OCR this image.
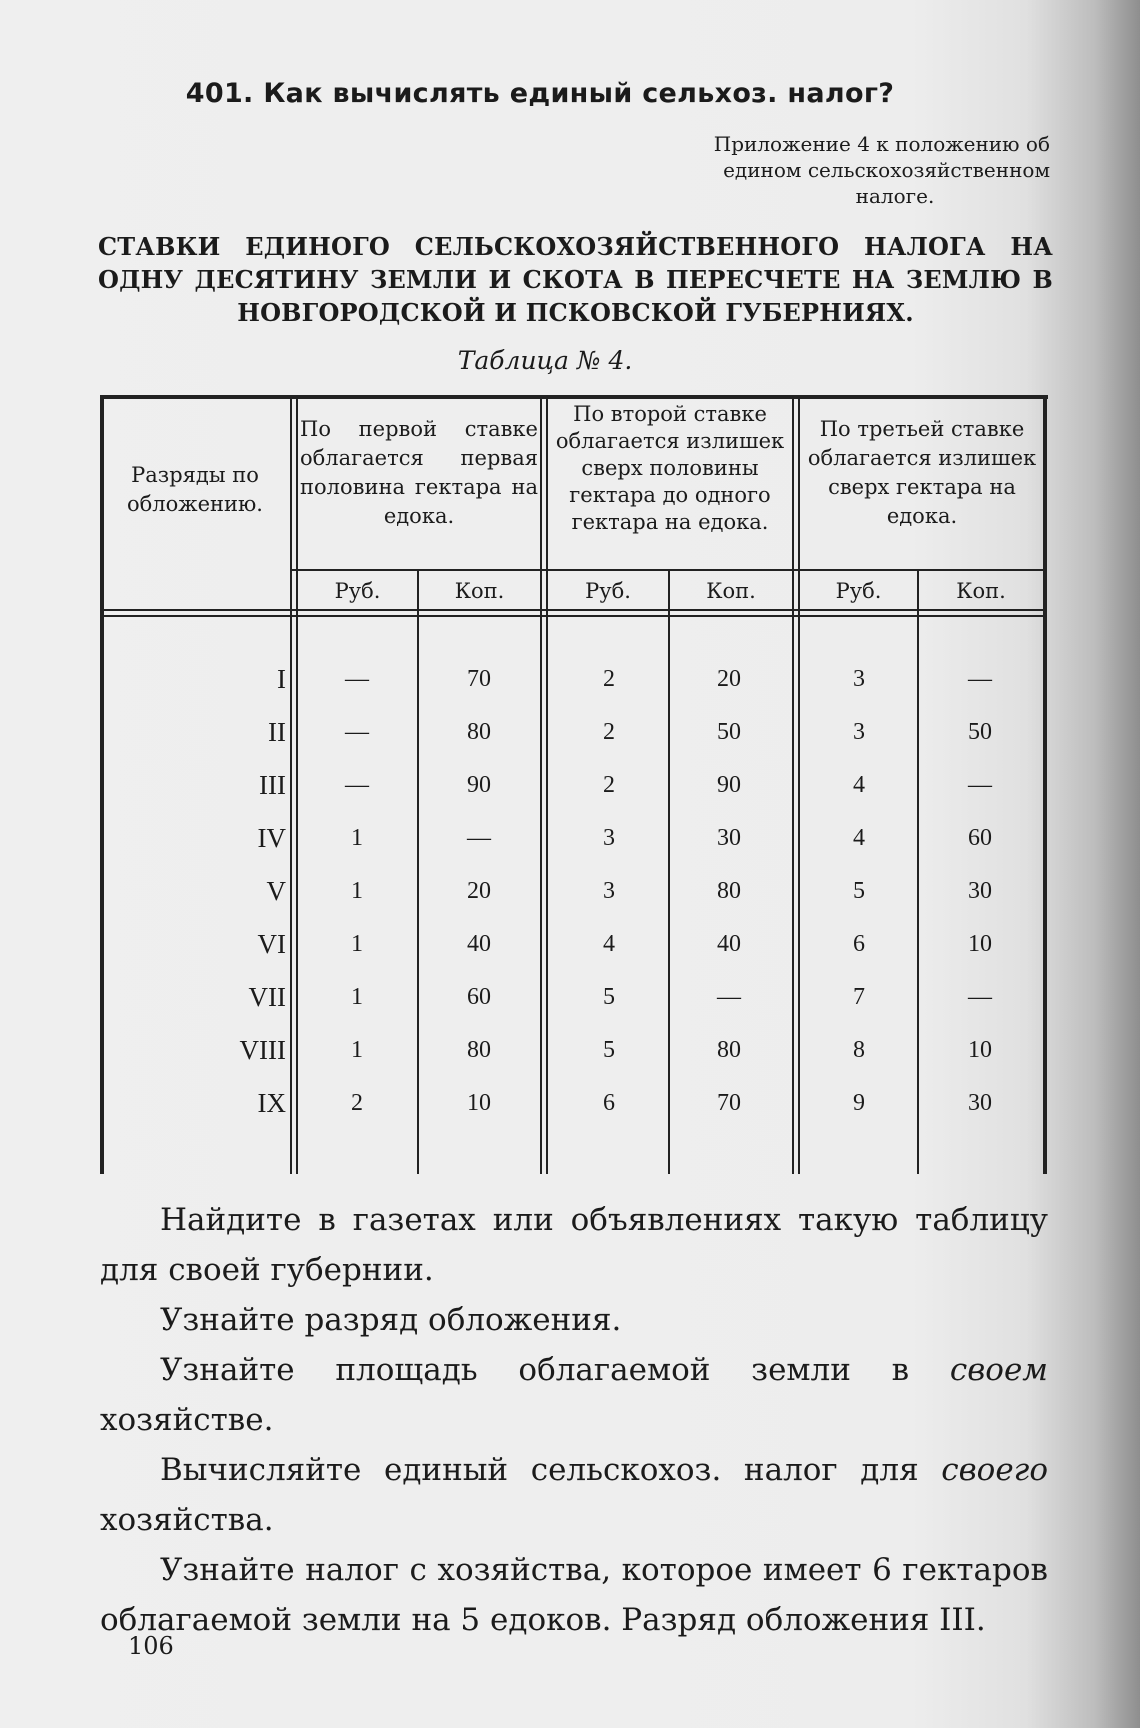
401. Как вычислять единый сельхоз. налог?
Приложение 4 к положению об
едином сельскохозяйственном
налоге.
СТАВКИ ЕДИНОГО СЕЛЬСКОХОЗЯЙСТВЕННОГО НАЛОГА НА ОДНУ ДЕСЯТИНУ ЗЕМЛИ И СКОТА В ПЕРЕСЧЕТЕ НА ЗЕМЛЮ В НОВГОРОДСКОЙ И ПСКОВСКОЙ ГУБЕРНИЯХ.
Таблица № 4.
Разряды по обложению.
По первой ставке облагается первая половина гектара на едока.
По второй ставке облагается излишек сверх половины гектара до одного гектара на едока.
По третьей ставке облагается излишек сверх гектара на едока.
Руб.	Коп.	Руб.	Коп.	Руб.	Коп.
I	—	70	2	20	3	—
II	—	80	2	50	3	50
III	—	90	2	90	4	—
IV	1	—	3	30	4	60
V	1	20	3	80	5	30
VI	1	40	4	40	6	10
VII	1	60	5	—	7	—
VIII	1	80	5	80	8	10
IX	2	10	6	70	9	30

Найдите в газетах или объявлениях такую таблицу для своей губернии.

Узнайте разряд обложения.

Узнайте площадь облагаемой земли в своем хозяйстве.

Вычисляйте единый сельскохоз. налог для своего хозяйства.

Узнайте налог с хозяйства, которое имеет 6 гектаров облагаемой земли на 5 едоков. Разряд обложения III.

106
